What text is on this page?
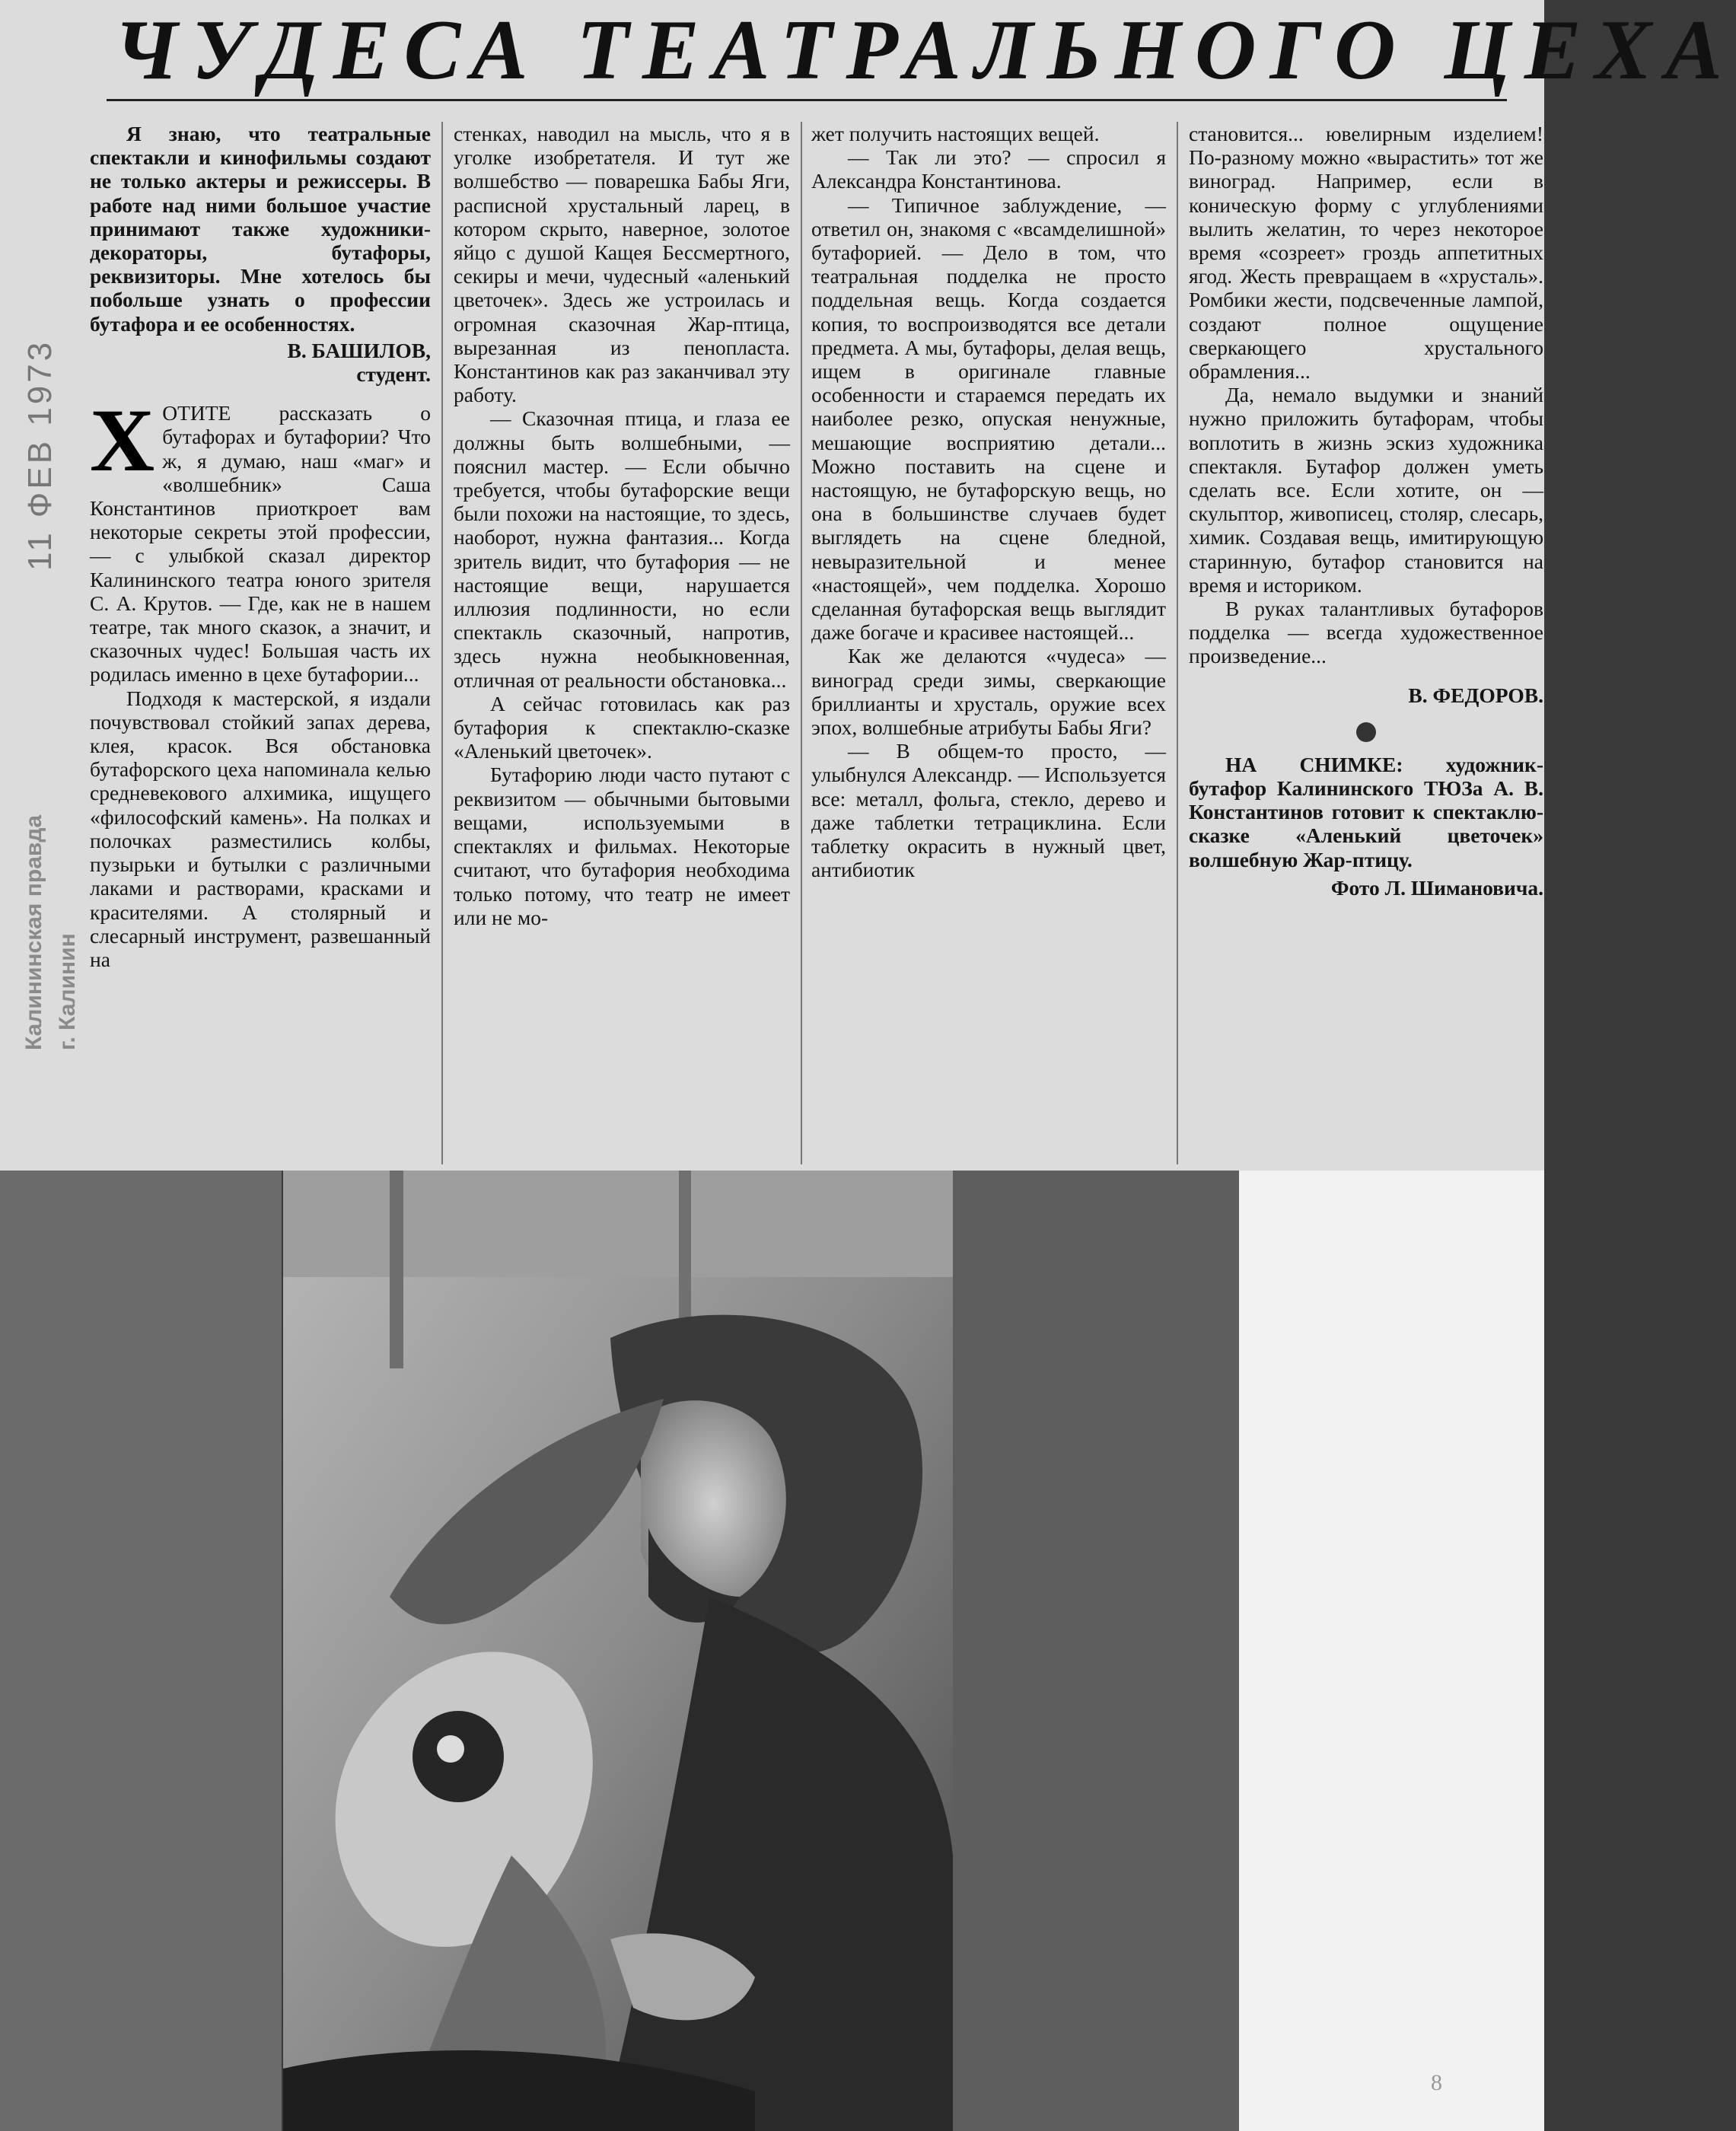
ЧУДЕСА ТЕАТРАЛЬНОГО ЦЕХА
Калининская правда г. Калинин
11 ФЕВ 1973

Я знаю, что театральные спектакли и кинофильмы создают не только актеры и режиссеры. В работе над ними большое участие принимают также художники-декораторы, бутафоры, реквизиторы. Мне хотелось бы побольше узнать о профессии бутафора и ее особенностях.

В. БАШИЛОВ,
студент.

ХОТИТЕ рассказать о бутафорах и бутафории? Что ж, я думаю, наш «маг» и «волшебник» Саша Константинов приоткроет вам некоторые секреты этой профессии, — с улыбкой сказал директор Калининского театра юного зрителя С. А. Крутов. — Где, как не в нашем театре, так много сказок, а значит, и сказочных чудес! Большая часть их родилась именно в цехе бутафории...

Подходя к мастерской, я издали почувствовал стойкий запах дерева, клея, красок. Вся обстановка бутафорского цеха напоминала келью средневекового алхимика, ищущего «философский камень». На полках и полочках разместились колбы, пузырьки и бутылки с различными лаками и растворами, красками и красителями. А столярный и слесарный инструмент, развешанный на

стенках, наводил на мысль, что я в уголке изобретателя. И тут же волшебство — поварешка Бабы Яги, расписной хрустальный ларец, в котором скрыто, наверное, золотое яйцо с душой Кащея Бессмертного, секиры и мечи, чудесный «аленький цветочек». Здесь же устроилась и огромная сказочная Жар-птица, вырезанная из пенопласта. Константинов как раз заканчивал эту работу.

— Сказочная птица, и глаза ее должны быть волшебными, — пояснил мастер. — Если обычно требуется, чтобы бутафорские вещи были похожи на настоящие, то здесь, наоборот, нужна фантазия... Когда зритель видит, что бутафория — не настоящие вещи, нарушается иллюзия подлинности, но если спектакль сказочный, напротив, здесь нужна необыкновенная, отличная от реальности обстановка...

А сейчас готовилась как раз бутафория к спектаклю-сказке «Аленький цветочек».

Бутафорию люди часто путают с реквизитом — обычными бытовыми вещами, используемыми в спектаклях и фильмах. Некоторые считают, что бутафория необходима только потому, что театр не имеет или не мо-

жет получить настоящих вещей.

— Так ли это? — спросил я Александра Константинова.

— Типичное заблуждение, — ответил он, знакомя с «всамделишной» бутафорией. — Дело в том, что театральная подделка не просто поддельная вещь. Когда создается копия, то воспроизводятся все детали предмета. А мы, бутафоры, делая вещь, ищем в оригинале главные особенности и стараемся передать их наиболее резко, опуская ненужные, мешающие восприятию детали... Можно поставить на сцене и настоящую, не бутафорскую вещь, но она в большинстве случаев будет выглядеть на сцене бледной, невыразительной и менее «настоящей», чем подделка. Хорошо сделанная бутафорская вещь выглядит даже богаче и красивее настоящей...

Как же делаются «чудеса» — виноград среди зимы, сверкающие бриллианты и хрусталь, оружие всех эпох, волшебные атрибуты Бабы Яги?

— В общем-то просто, — улыбнулся Александр. — Используется все: металл, фольга, стекло, дерево и даже таблетки тетрациклина. Если таблетку окрасить в нужный цвет, антибиотик

становится... ювелирным изделием! По-разному можно «вырастить» тот же виноград. Например, если в коническую форму с углублениями вылить желатин, то через некоторое время «созреет» гроздь аппетитных ягод. Жесть превращаем в «хрусталь». Ромбики жести, подсвеченные лампой, создают полное ощущение сверкающего хрустального обрамления...

Да, немало выдумки и знаний нужно приложить бутафорам, чтобы воплотить в жизнь эскиз художника спектакля. Бутафор должен уметь сделать все. Если хотите, он — скульптор, живописец, столяр, слесарь, химик. Создавая вещь, имитирующую старинную, бутафор становится на время и историком.

В руках талантливых бутафоров подделка — всегда художественное произведение...

В. ФЕДОРОВ.

НА СНИМКЕ: художник-бутафор Калининского ТЮЗа А. В. Константинов готовит к спектаклю-сказке «Аленький цветочек» волшебную Жар-птицу.

Фото Л. Шимановича.
8
